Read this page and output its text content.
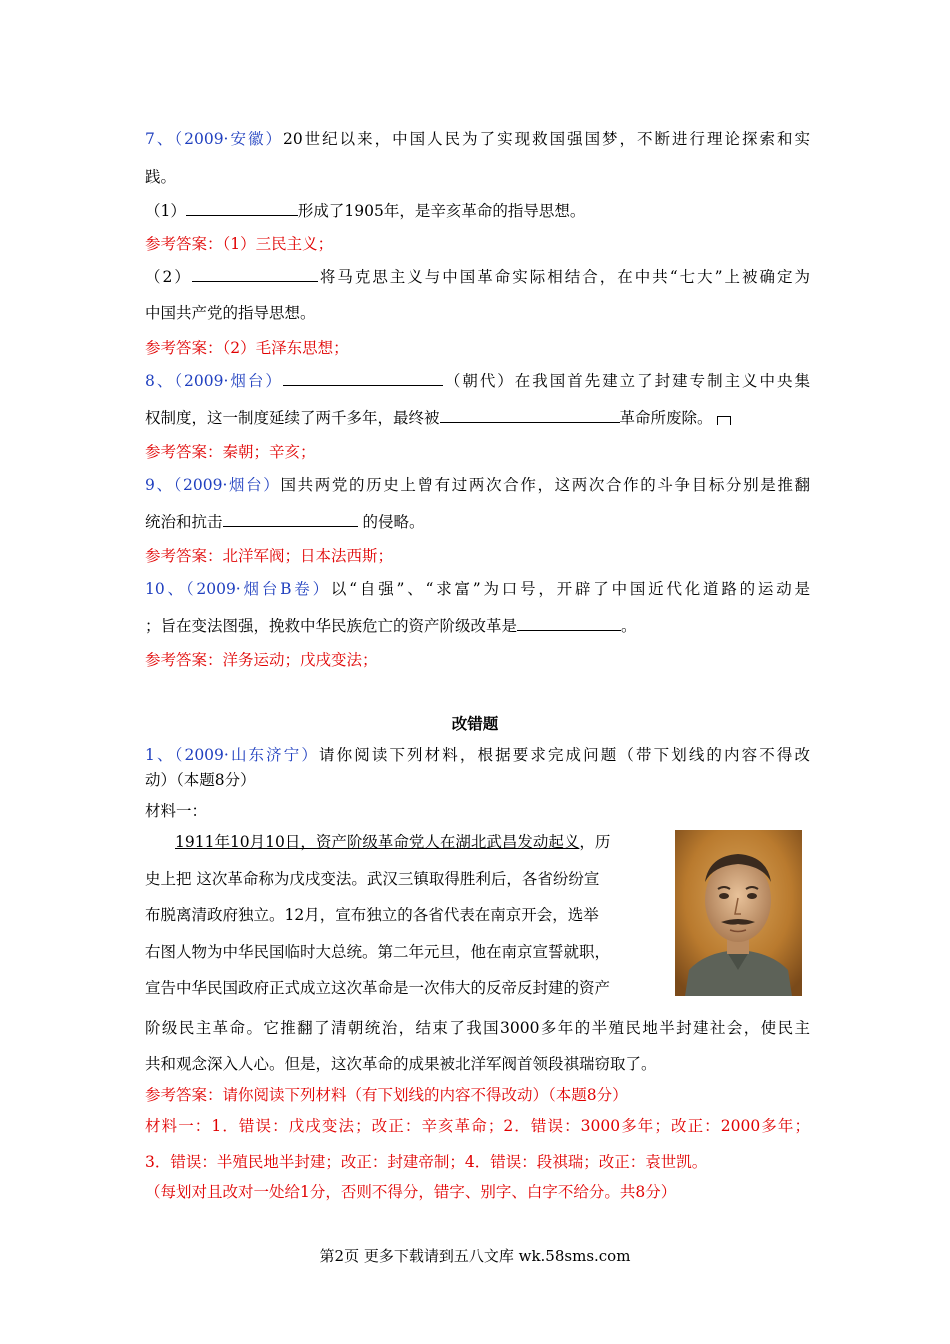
7、（2009·安徽）20世纪以来，中国人民为了实现救国强国梦，不断进行理论探索和实
践。
（1）	形成了1905年，是辛亥革命的指导思想。
参考答案：（1）三民主义；
（2）	将马克思主义与中国革命实际相结合，在中共“七大”上被确定为
中国共产党的指导思想。
参考答案：（2）毛泽东思想；
8、（2009·烟台）	（朝代）在我国首先建立了封建专制主义中央集
权制度，这一制度延续了两千多年，最终被	革命所废除。
参考答案：秦朝；辛亥；
9、（2009·烟台）国共两党的历史上曾有过两次合作，这两次合作的斗争目标分别是推翻
统治和抗击	的侵略。
参考答案：北洋军阀；日本法西斯；
10、（2009·烟台B卷）以“自强”、“求富”为口号，开辟了中国近代化道路的运动是
；旨在变法图强，挽救中华民族危亡的资产阶级改革是	。
参考答案：洋务运动；戊戌变法；
改错题
1、（2009·山东济宁）请你阅读下列材料，根据要求完成问题（带下划线的内容不得改
动）（本题8分）
材料一：
1911年10月10日，资产阶级革命党人在湖北武昌发动起义，历
史上把 这次革命称为戊戌变法。武汉三镇取得胜利后，各省纷纷宣
布脱离清政府独立。12月，宣布独立的各省代表在南京开会，选举
右图人物为中华民国临时大总统。第二年元旦，他在南京宣誓就职，
宣告中华民国政府正式成立这次革命是一次伟大的反帝反封建的资产
阶级民主革命。它推翻了清朝统治，结束了我国3000多年的半殖民地半封建社会，使民主
共和观念深入人心。但是，这次革命的成果被北洋军阀首领段祺瑞窃取了。
参考答案：请你阅读下列材料（有下划线的内容不得改动）（本题8分）
材料一：1．错误：戊戌变法；改正：辛亥革命；2．错误：3000多年；改正：2000多年；
3．错误：半殖民地半封建；改正：封建帝制；4．错误：段祺瑞；改正：袁世凯。
（每划对且改对一处给1分，否则不得分，错字、别字、白字不给分。共8分）
第2页 更多下载请到五八文库 wk.58sms.com
